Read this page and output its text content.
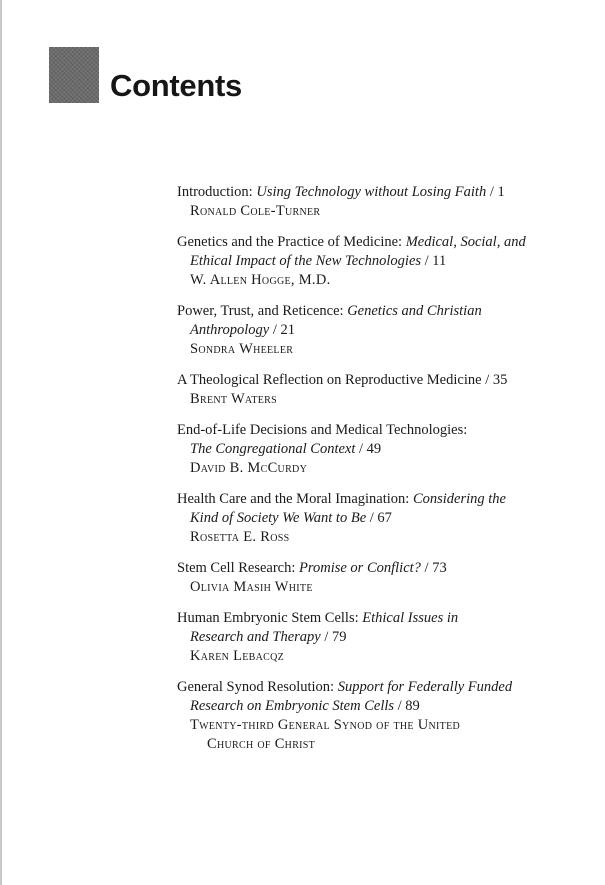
Contents
Introduction: Using Technology without Losing Faith / 1
Ronald Cole-Turner
Genetics and the Practice of Medicine: Medical, Social, and
Ethical Impact of the New Technologies / 11
W. Allen Hogge, M.D.
Power, Trust, and Reticence: Genetics and Christian
Anthropology / 21
Sondra Wheeler
A Theological Reflection on Reproductive Medicine / 35
Brent Waters
End-of-Life Decisions and Medical Technologies:
The Congregational Context / 49
David B. McCurdy
Health Care and the Moral Imagination: Considering the
Kind of Society We Want to Be / 67
Rosetta E. Ross
Stem Cell Research: Promise or Conflict? / 73
Olivia Masih White
Human Embryonic Stem Cells: Ethical Issues in
Research and Therapy / 79
Karen Lebacqz
General Synod Resolution: Support for Federally Funded
Research on Embryonic Stem Cells / 89
Twenty-third General Synod of the United
Church of Christ
